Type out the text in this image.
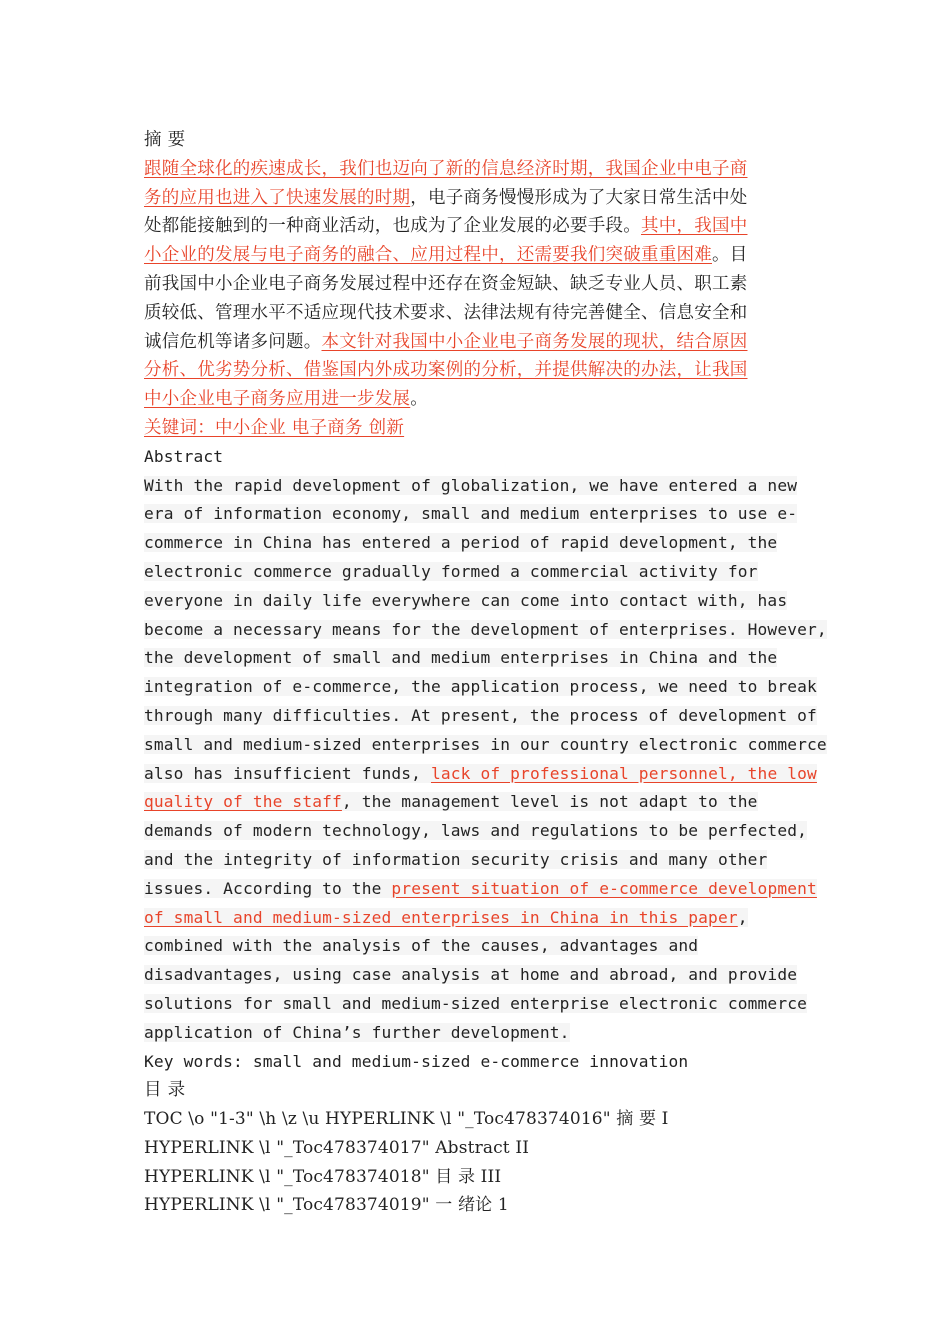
摘 要
跟随全球化的疾速成长，我们也迈向了新的信息经济时期，我国企业中电子商
务的应用也进入了快速发展的时期，电子商务慢慢形成为了大家日常生活中处
处都能接触到的一种商业活动，也成为了企业发展的必要手段。其中，我国中
小企业的发展与电子商务的融合、应用过程中，还需要我们突破重重困难。目
前我国中小企业电子商务发展过程中还存在资金短缺、缺乏专业人员、职工素
质较低、管理水平不适应现代技术要求、法律法规有待完善健全、信息安全和
诚信危机等诸多问题。本文针对我国中小企业电子商务发展的现状，结合原因
分析、优劣势分析、借鉴国内外成功案例的分析，并提供解决的办法，让我国
中小企业电子商务应用进一步发展。
关键词：中小企业 电子商务 创新
Abstract
With the rapid development of globalization, we have entered a new
era of information economy, small and medium enterprises to use e-
commerce in China has entered a period of rapid development, the
electronic commerce gradually formed a commercial activity for
everyone in daily life everywhere can come into contact with, has
become a necessary means for the development of enterprises. However,
the development of small and medium enterprises in China and the
integration of e-commerce, the application process, we need to break
through many difficulties. At present, the process of development of
small and medium-sized enterprises in our country electronic commerce
also has insufficient funds, lack of professional personnel, the low
quality of the staff, the management level is not adapt to the
demands of modern technology, laws and regulations to be perfected,
and the integrity of information security crisis and many other
issues. According to the present situation of e-commerce development
of small and medium-sized enterprises in China in this paper,
combined with the analysis of the causes, advantages and
disadvantages, using case analysis at home and abroad, and provide
solutions for small and medium-sized enterprise electronic commerce
application of China’s further development.
Key words: small and medium-sized e-commerce innovation
目 录
TOC \o "1-3" \h \z \u HYPERLINK \l "_Toc478374016" 摘 要 I
HYPERLINK \l "_Toc478374017" Abstract II
HYPERLINK \l "_Toc478374018" 目 录 III
HYPERLINK \l "_Toc478374019" 一 绪论 1
